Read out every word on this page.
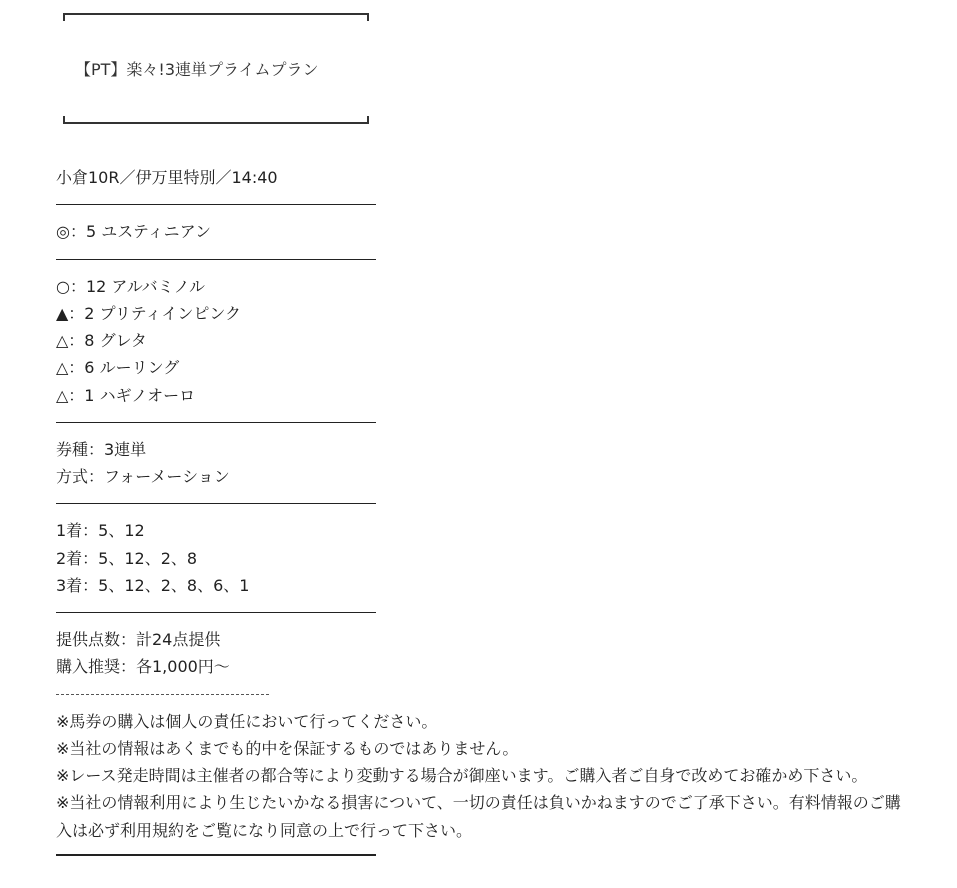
【PT】楽々!3連単プライムプラン
小倉10R／伊万里特別／14:40
◎：5 ユスティニアン
○：12 アルバミノル
▲：2 プリティインピンク
△：8 グレタ
△：6 ルーリング
△：1 ハギノオーロ
券種：3連単
方式：フォーメーション
1着：5、12
2着：5、12、2、8
3着：5、12、2、8、6、1
提供点数：計24点提供
購入推奨：各1,000円～
※馬券の購入は個人の責任において行ってください。
※当社の情報はあくまでも的中を保証するものではありません。
※レース発走時間は主催者の都合等により変動する場合が御座います。ご購入者ご自身で改めてお確かめ下さい。
※当社の情報利用により生じたいかなる損害について、一切の責任は負いかねますのでご了承下さい。有料情報のご購入は必ず利用規約をご覧になり同意の上で行って下さい。
